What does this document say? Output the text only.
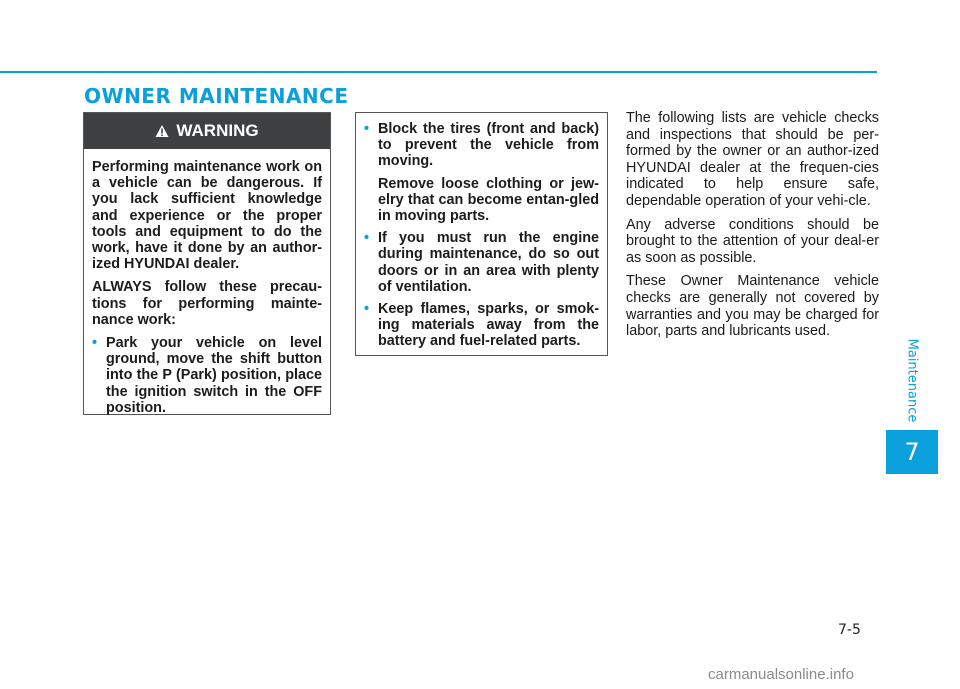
OWNER MAINTENANCE
WARNING

Performing maintenance work on a vehicle can be dangerous. If you lack sufficient knowledge and experience or the proper tools and equipment to do the work, have it done by an author-ized HYUNDAI dealer.

ALWAYS follow these precau-tions for performing mainte-nance work:

• Park your vehicle on level ground, move the shift button into the P (Park) position, place the ignition switch in the OFF position.

• Block the tires (front and back) to prevent the vehicle from moving.

Remove loose clothing or jew-elry that can become entan-gled in moving parts.

• If you must run the engine during maintenance, do so out doors or in an area with plenty of ventilation.

• Keep flames, sparks, or smok-ing materials away from the battery and fuel-related parts.

The following lists are vehicle checks and inspections that should be per-formed by the owner or an author-ized HYUNDAI dealer at the frequen-cies indicated to help ensure safe, dependable operation of your vehi-cle.

Any adverse conditions should be brought to the attention of your deal-er as soon as possible.

These Owner Maintenance vehicle checks are generally not covered by warranties and you may be charged for labor, parts and lubricants used.

Maintenance
7
7-5
carmanualsonline.info
